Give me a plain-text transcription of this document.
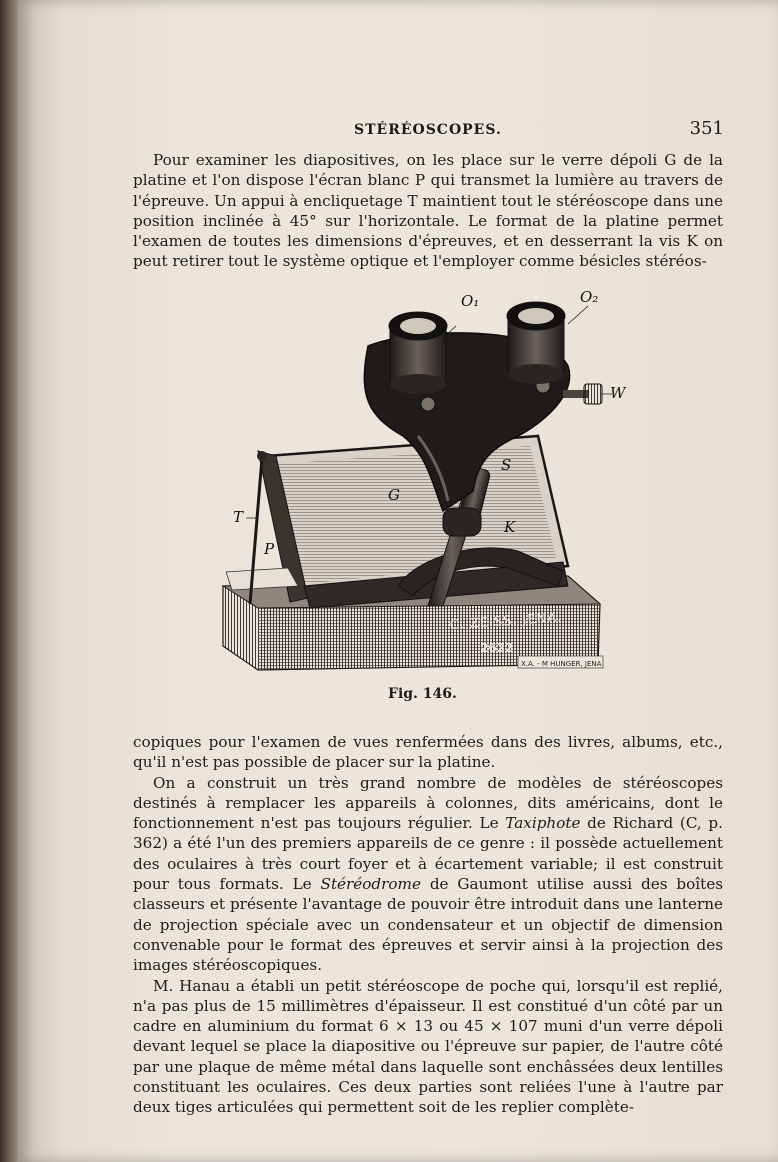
STÉRÉOSCOPES.	351

Pour examiner les diapositives, on les place sur le verre dépoli G de la platine et l'on dispose l'écran blanc P qui transmet la lumière au travers de l'épreuve. Un appui à encliquetage T maintient tout le stéréoscope dans une position inclinée à 45° sur l'horizontale. Le format de la platine permet l'examen de toutes les dimensions d'épreuves, et en desserrant la vis K on peut retirer tout le système optique et l'employer comme bésicles stéréos-

C. ZEISS, JENA.
2622
X.A. - M HUNGER, JENA
O₁	O₂
W
S
G
K
T
P
Fig. 146.

copiques pour l'examen de vues renfermées dans des livres, albums, etc., qu'il n'est pas possible de placer sur la platine.

On a construit un très grand nombre de modèles de stéréoscopes destinés à remplacer les appareils à colonnes, dits américains, dont le fonctionnement n'est pas toujours régulier. Le Taxiphote de Richard (C, p. 362) a été l'un des premiers appareils de ce genre : il possède actuellement des oculaires à très court foyer et à écartement variable; il est construit pour tous formats. Le Stéréodrome de Gaumont utilise aussi des boîtes classeurs et présente l'avantage de pouvoir être introduit dans une lanterne de projection spéciale avec un condensateur et un objectif de dimension convenable pour le format des épreuves et servir ainsi à la projection des images stéréoscopiques.

M. Hanau a établi un petit stéréoscope de poche qui, lorsqu'il est replié, n'a pas plus de 15 millimètres d'épaisseur. Il est constitué d'un côté par un cadre en aluminium du format 6 × 13 ou 45 × 107 muni d'un verre dépoli devant lequel se place la diapositive ou l'épreuve sur papier, de l'autre côté par une plaque de même métal dans laquelle sont enchâssées deux lentilles constituant les oculaires. Ces deux parties sont reliées l'une à l'autre par deux tiges articulées qui permettent soit de les replier complète-
